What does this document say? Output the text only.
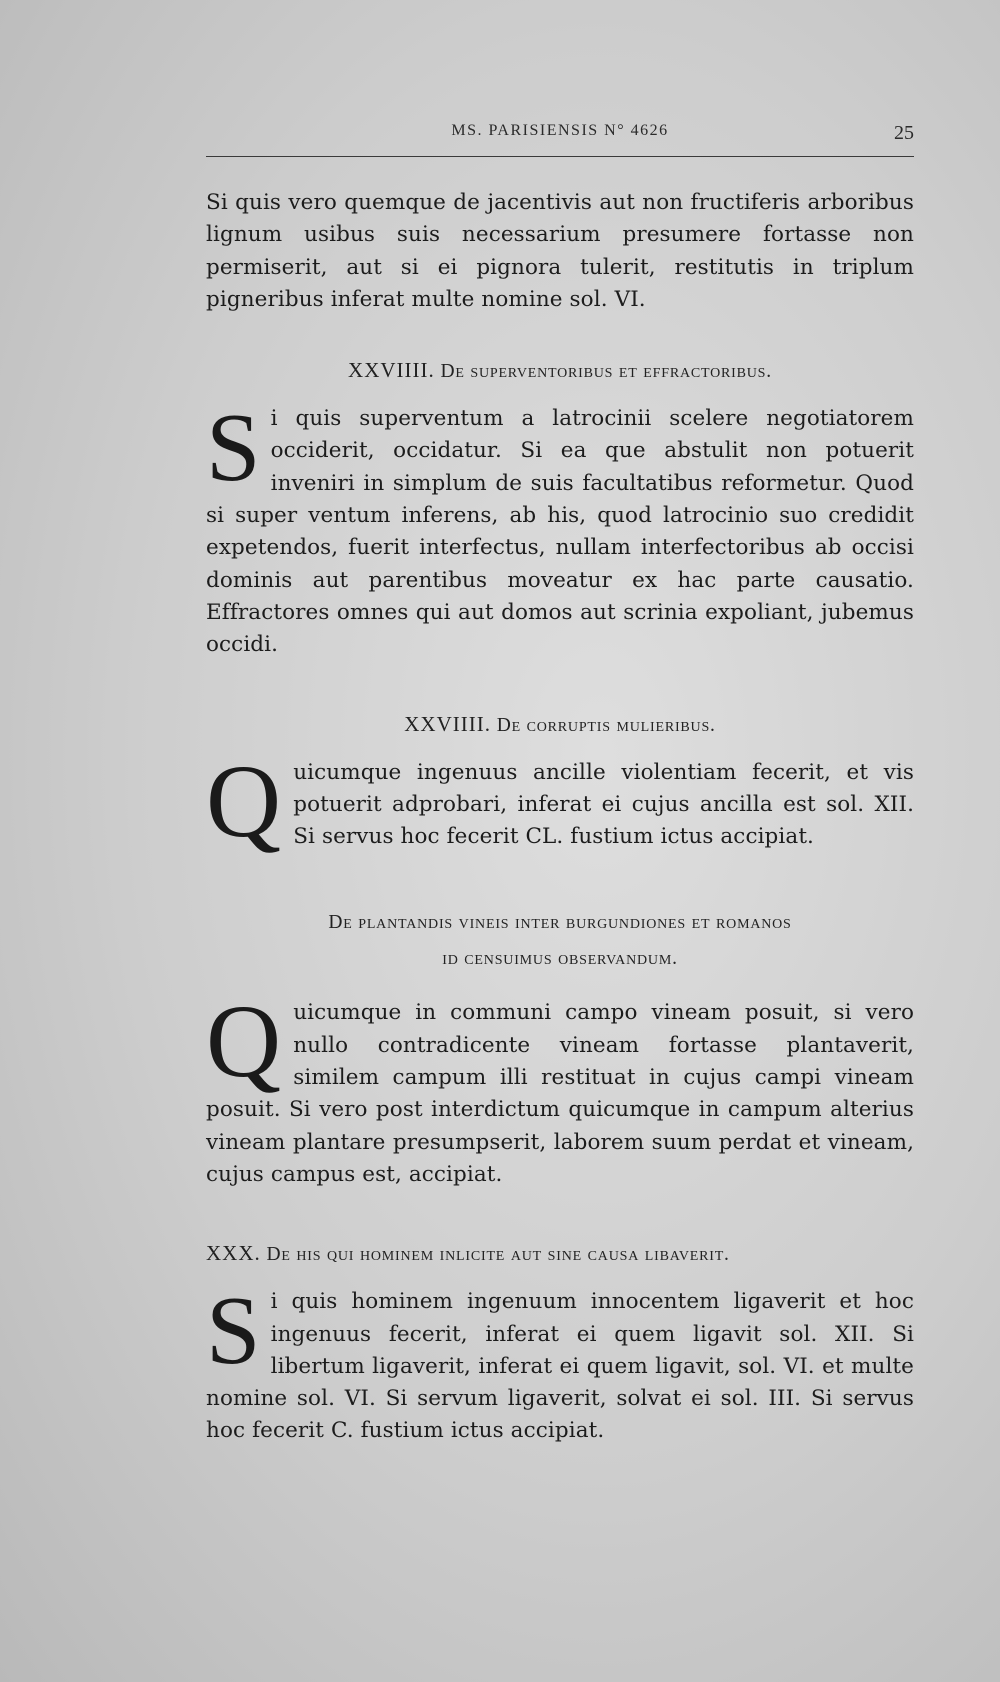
MS. PARISIENSIS N° 4626	25

Si quis vero quemque de jacentivis aut non fructiferis arboribus lignum usibus suis necessarium presumere fortasse non permiserit, aut si ei pignora tulerit, restitutis in triplum pigneribus inferat multe nomine sol. VI.

XXVIIII. De superventoribus et effractoribus.

S i quis superventum a latrocinii scelere negotiatorem occiderit, occidatur. Si ea que abstulit non potuerit inveniri in simplum de suis facultatibus reformetur. Quod si super ventum inferens, ab his, quod latrocinio suo credidit expetendos, fuerit interfectus, nullam interfectoribus ab occisi dominis aut parentibus moveatur ex hac parte causatio. Effractores omnes qui aut domos aut scrinia expoliant, jubemus occidi.

XXVIIII. De corruptis mulieribus.

Q uicumque ingenuus ancille violentiam fecerit, et vis potuerit adprobari, inferat ei cujus ancilla est sol. XII. Si servus hoc fecerit CL. fustium ictus accipiat.

De plantandis vineis inter burgundiones et romanos
id censuimus observandum.

Q uicumque in communi campo vineam posuit, si vero nullo contradicente vineam fortasse plantaverit, similem campum illi restituat in cujus campi vineam posuit. Si vero post interdictum quicumque in campum alterius vineam plantare presumpserit, laborem suum perdat et vineam, cujus campus est, accipiat.

XXX. De his qui hominem inlicite aut sine causa libaverit.

S i quis hominem ingenuum innocentem ligaverit et hoc ingenuus fecerit, inferat ei quem ligavit sol. XII. Si libertum ligaverit, inferat ei quem ligavit, sol. VI. et multe nomine sol. VI. Si servum ligaverit, solvat ei sol. III. Si servus hoc fecerit C. fustium ictus accipiat.
